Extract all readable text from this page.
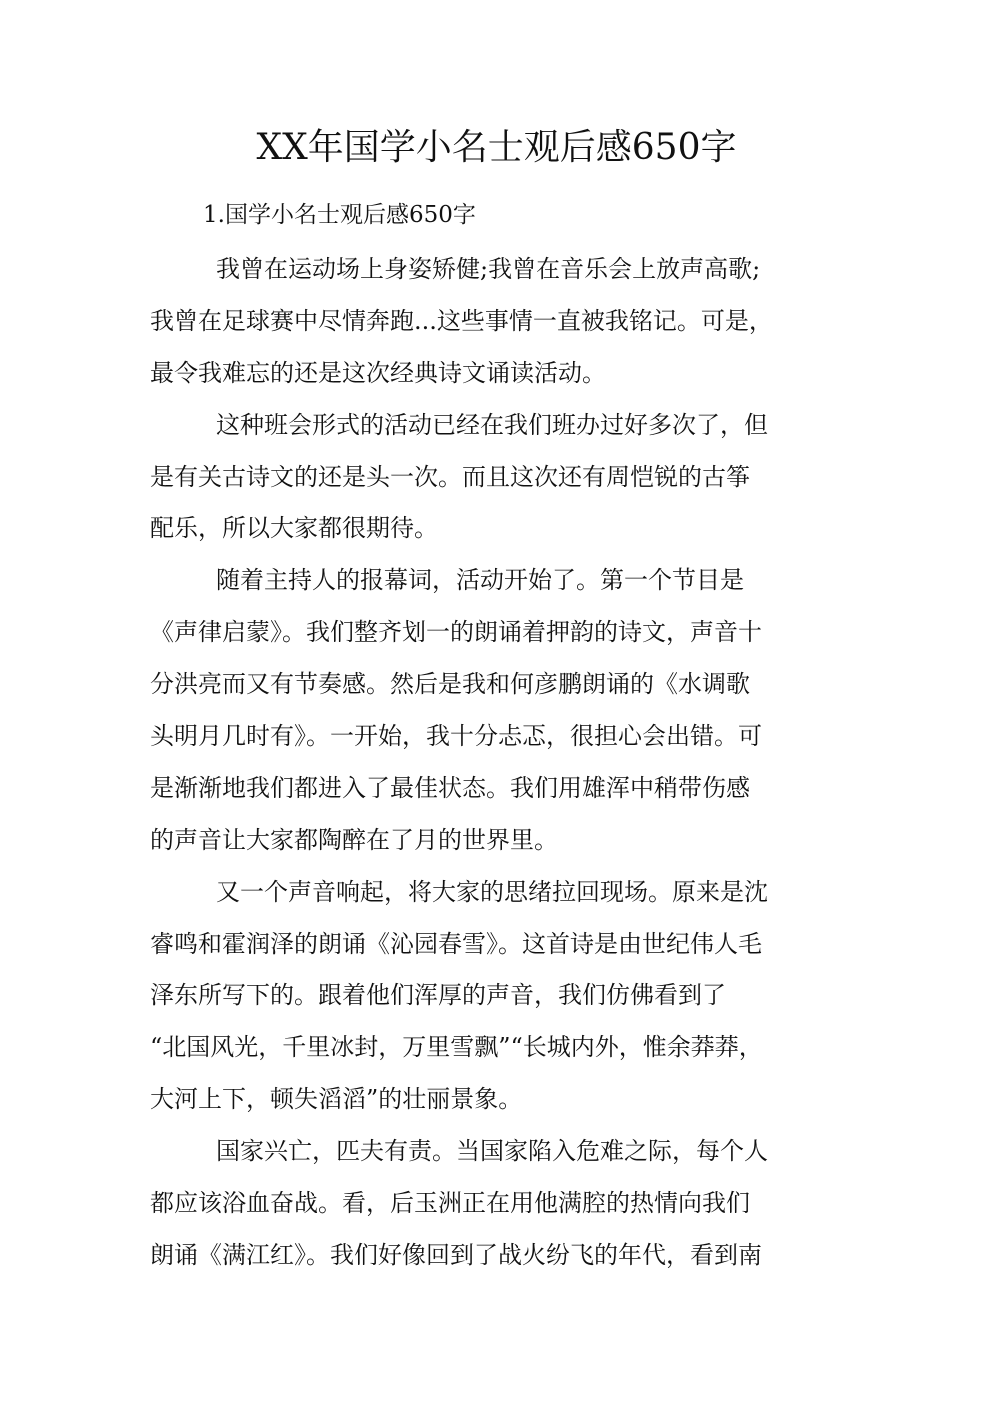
XX年国学小名士观后感650字
1.国学小名士观后感650字
我曾在运动场上身姿矫健;我曾在音乐会上放声高歌;
我曾在足球赛中尽情奔跑...这些事情一直被我铭记。可是，
最令我难忘的还是这次经典诗文诵读活动。
这种班会形式的活动已经在我们班办过好多次了，但
是有关古诗文的还是头一次。而且这次还有周恺锐的古筝
配乐，所以大家都很期待。
随着主持人的报幕词，活动开始了。第一个节目是
《声律启蒙》。我们整齐划一的朗诵着押韵的诗文，声音十
分洪亮而又有节奏感。然后是我和何彦鹏朗诵的《水调歌
头明月几时有》。一开始，我十分忐忑，很担心会出错。可
是渐渐地我们都进入了最佳状态。我们用雄浑中稍带伤感
的声音让大家都陶醉在了月的世界里。
又一个声音响起，将大家的思绪拉回现场。原来是沈
睿鸣和霍润泽的朗诵《沁园春雪》。这首诗是由世纪伟人毛
泽东所写下的。跟着他们浑厚的声音，我们仿佛看到了
“北国风光，千里冰封，万里雪飘”“长城内外，惟余莽莽，
大河上下，顿失滔滔”的壮丽景象。
国家兴亡，匹夫有责。当国家陷入危难之际，每个人
都应该浴血奋战。看，后玉洲正在用他满腔的热情向我们
朗诵《满江红》。我们好像回到了战火纷飞的年代，看到南
